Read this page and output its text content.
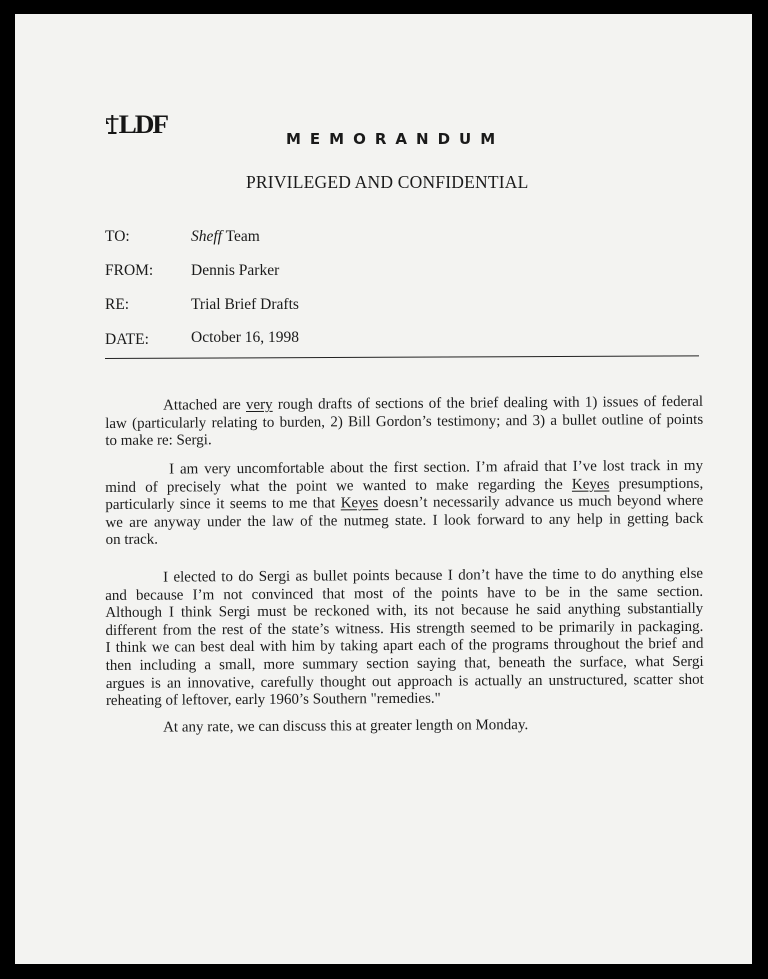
LDF	MEMORANDUM
PRIVILEGED AND CONFIDENTIAL
TO:	Sheff Team
FROM: Dennis Parker
RE:	Trial Brief Drafts
DATE:	October 16, 1998
Attached are very rough drafts of sections of the brief dealing with 1) issues of federal
law (particularly relating to burden, 2) Bill Gordon’s testimony; and 3) a bullet outline of points
to make re: Sergi.
I am very uncomfortable about the first section. I’m afraid that I’ve lost track in my
mind of precisely what the point we wanted to make regarding the Keyes presumptions,
particularly since it seems to me that Keyes doesn’t necessarily advance us much beyond where
we are anyway under the law of the nutmeg state. I look forward to any help in getting back
on track.
I elected to do Sergi as bullet points because I don’t have the time to do anything else
and because I’m not convinced that most of the points have to be in the same section.
Although I think Sergi must be reckoned with, its not because he said anything substantially
different from the rest of the state’s witness. His strength seemed to be primarily in packaging.
I think we can best deal with him by taking apart each of the programs throughout the brief and
then including a small, more summary section saying that, beneath the surface, what Sergi
argues is an innovative, carefully thought out approach is actually an unstructured, scatter shot
reheating of leftover, early 1960’s Southern "remedies."
At any rate, we can discuss this at greater length on Monday.
